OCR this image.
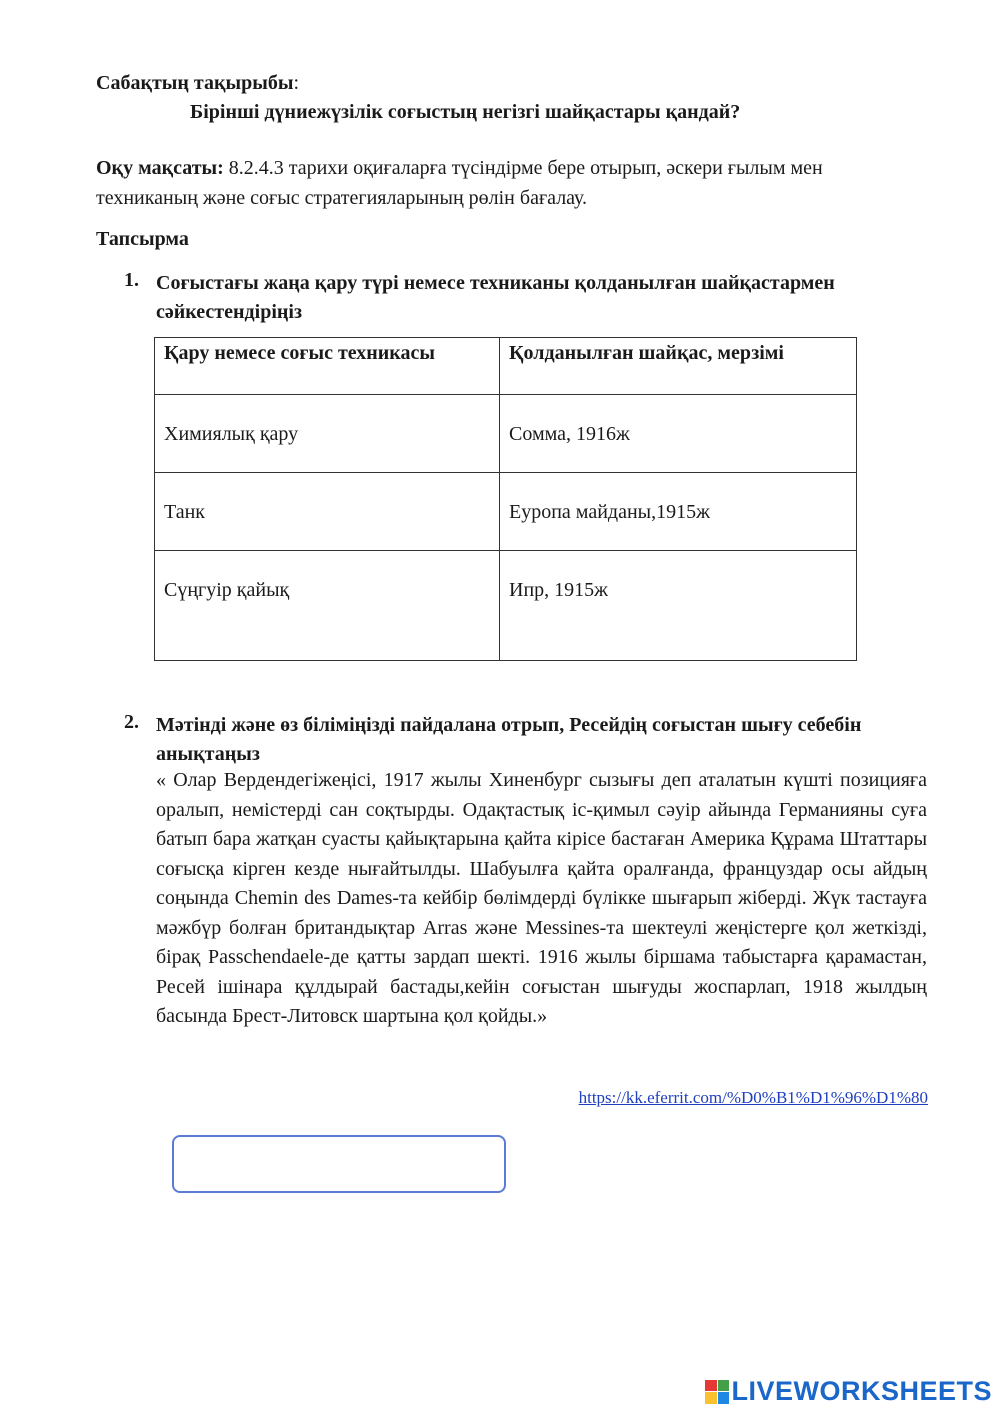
Сабақтың тақырыбы:
Бірінші дүниежүзілік соғыстың негізгі шайқастары қандай?
Оқу мақсаты: 8.2.4.3 тарихи оқиғаларға түсіндірме бере отырып, әскери ғылым мен техниканың және соғыс стратегияларының рөлін бағалау.
Тапсырма
1. Соғыстағы жаңа қару түрі немесе техниканы қолданылған шайқастармен сәйкестендіріңіз
Қару немесе соғыс техникасы	Қолданылған шайқас, мерзімі
Химиялық қару	Сомма, 1916ж
Танк	Еуропа майданы,1915ж
Сүңгуір қайық	Ипр, 1915ж
2. Мәтінді және өз біліміңізді пайдалана отрып, Ресейдің соғыстан шығу себебін анықтаңыз

« Олар Вердендегіжеңісі, 1917 жылы Хиненбург сызығы деп аталатын күшті позицияға оралып, немістерді сан соқтырды. Одақтастық іс-қимыл сәуір айында Германияны суға батып бара жатқан суасты қайықтарына қайта кірісе бастаған Америка Құрама Штаттары соғысқа кірген кезде нығайтылды. Шабуылға қайта оралғанда, француздар осы айдың соңында Chemin des Dames-та кейбір бөлімдерді бүлікке шығарып жіберді. Жүк тастауға мәжбүр болған британдықтар Arras және Messines-та шектеулі жеңістерге қол жеткізді, бірақ Passchendaele-де қатты зардап шекті. 1916 жылы біршама табыстарға қарамастан, Ресей ішінара құлдырай бастады,кейін соғыстан шығуды жоспарлап, 1918 жылдың басында Брест-Литовск шартына қол қойды.»

https://kk.eferrit.com/%D0%B1%D1%96%D1%80
LIVEWORKSHEETS
